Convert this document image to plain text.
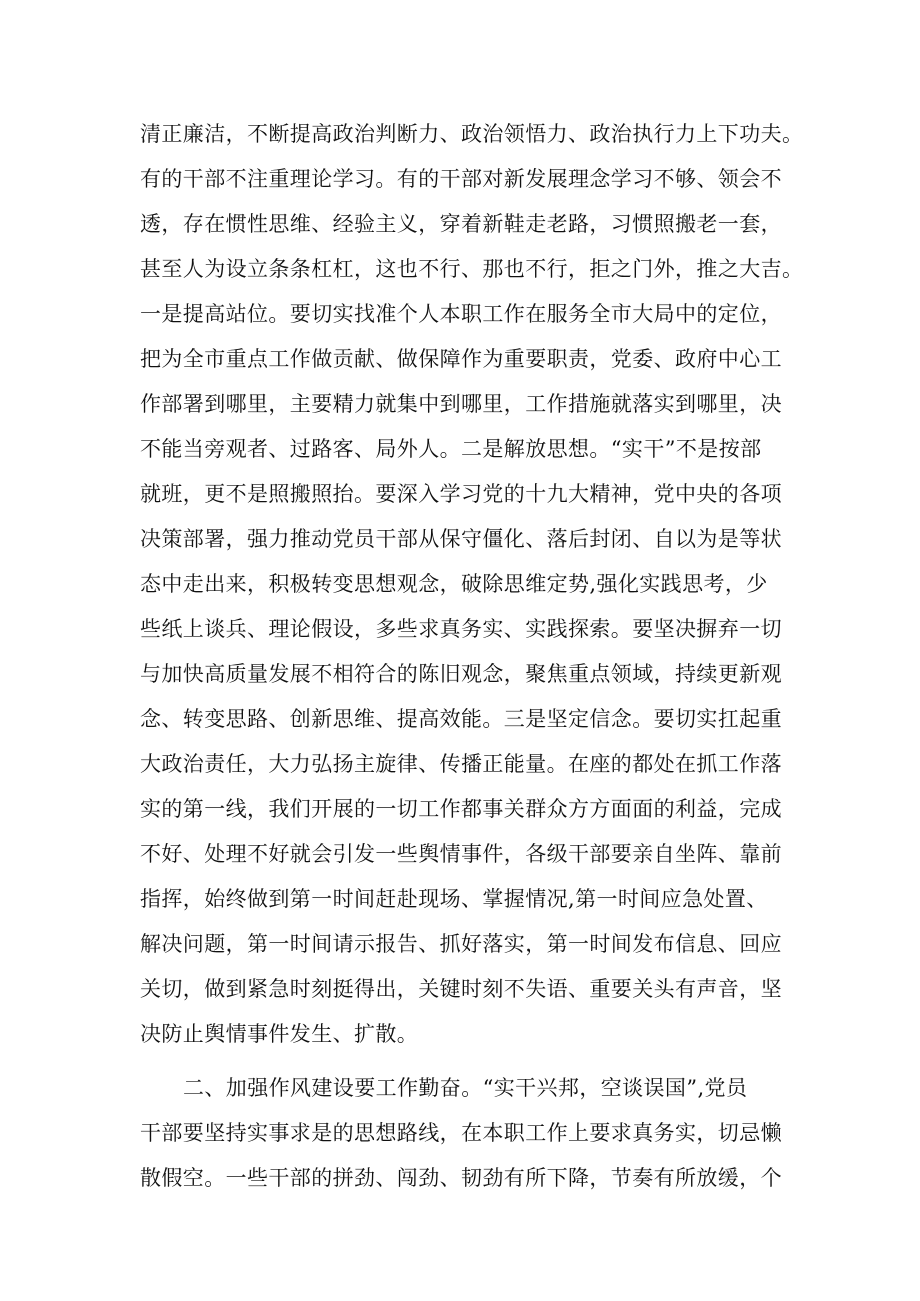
清正廉洁，不断提高政治判断力、政治领悟力、政治执行力上下功夫。
有的干部不注重理论学习。有的干部对新发展理念学习不够、领会不
透，存在惯性思维、经验主义，穿着新鞋走老路，习惯照搬老一套，
甚至人为设立条条杠杠，这也不行、那也不行，拒之门外，推之大吉。
一是提高站位。要切实找准个人本职工作在服务全市大局中的定位，
把为全市重点工作做贡献、做保障作为重要职责，党委、政府中心工
作部署到哪里，主要精力就集中到哪里，工作措施就落实到哪里，决
不能当旁观者、过路客、局外人。二是解放思想。“实干”不是按部
就班，更不是照搬照抬。要深入学习党的十九大精神，党中央的各项
决策部署，强力推动党员干部从保守僵化、落后封闭、自以为是等状
态中走出来，积极转变思想观念，破除思维定势,强化实践思考，少
些纸上谈兵、理论假设，多些求真务实、实践探索。要坚决摒弃一切
与加快高质量发展不相符合的陈旧观念，聚焦重点领域，持续更新观
念、转变思路、创新思维、提高效能。三是坚定信念。要切实扛起重
大政治责任，大力弘扬主旋律、传播正能量。在座的都处在抓工作落
实的第一线，我们开展的一切工作都事关群众方方面面的利益，完成
不好、处理不好就会引发一些舆情事件，各级干部要亲自坐阵、靠前
指挥，始终做到第一时间赶赴现场、掌握情况,第一时间应急处置、
解决问题，第一时间请示报告、抓好落实，第一时间发布信息、回应
关切，做到紧急时刻挺得出，关键时刻不失语、重要关头有声音，坚
决防止舆情事件发生、扩散。
二、加强作风建设要工作勤奋。“实干兴邦，空谈误国”,党员
干部要坚持实事求是的思想路线，在本职工作上要求真务实，切忌懒
散假空。一些干部的拼劲、闯劲、韧劲有所下降，节奏有所放缓，个
